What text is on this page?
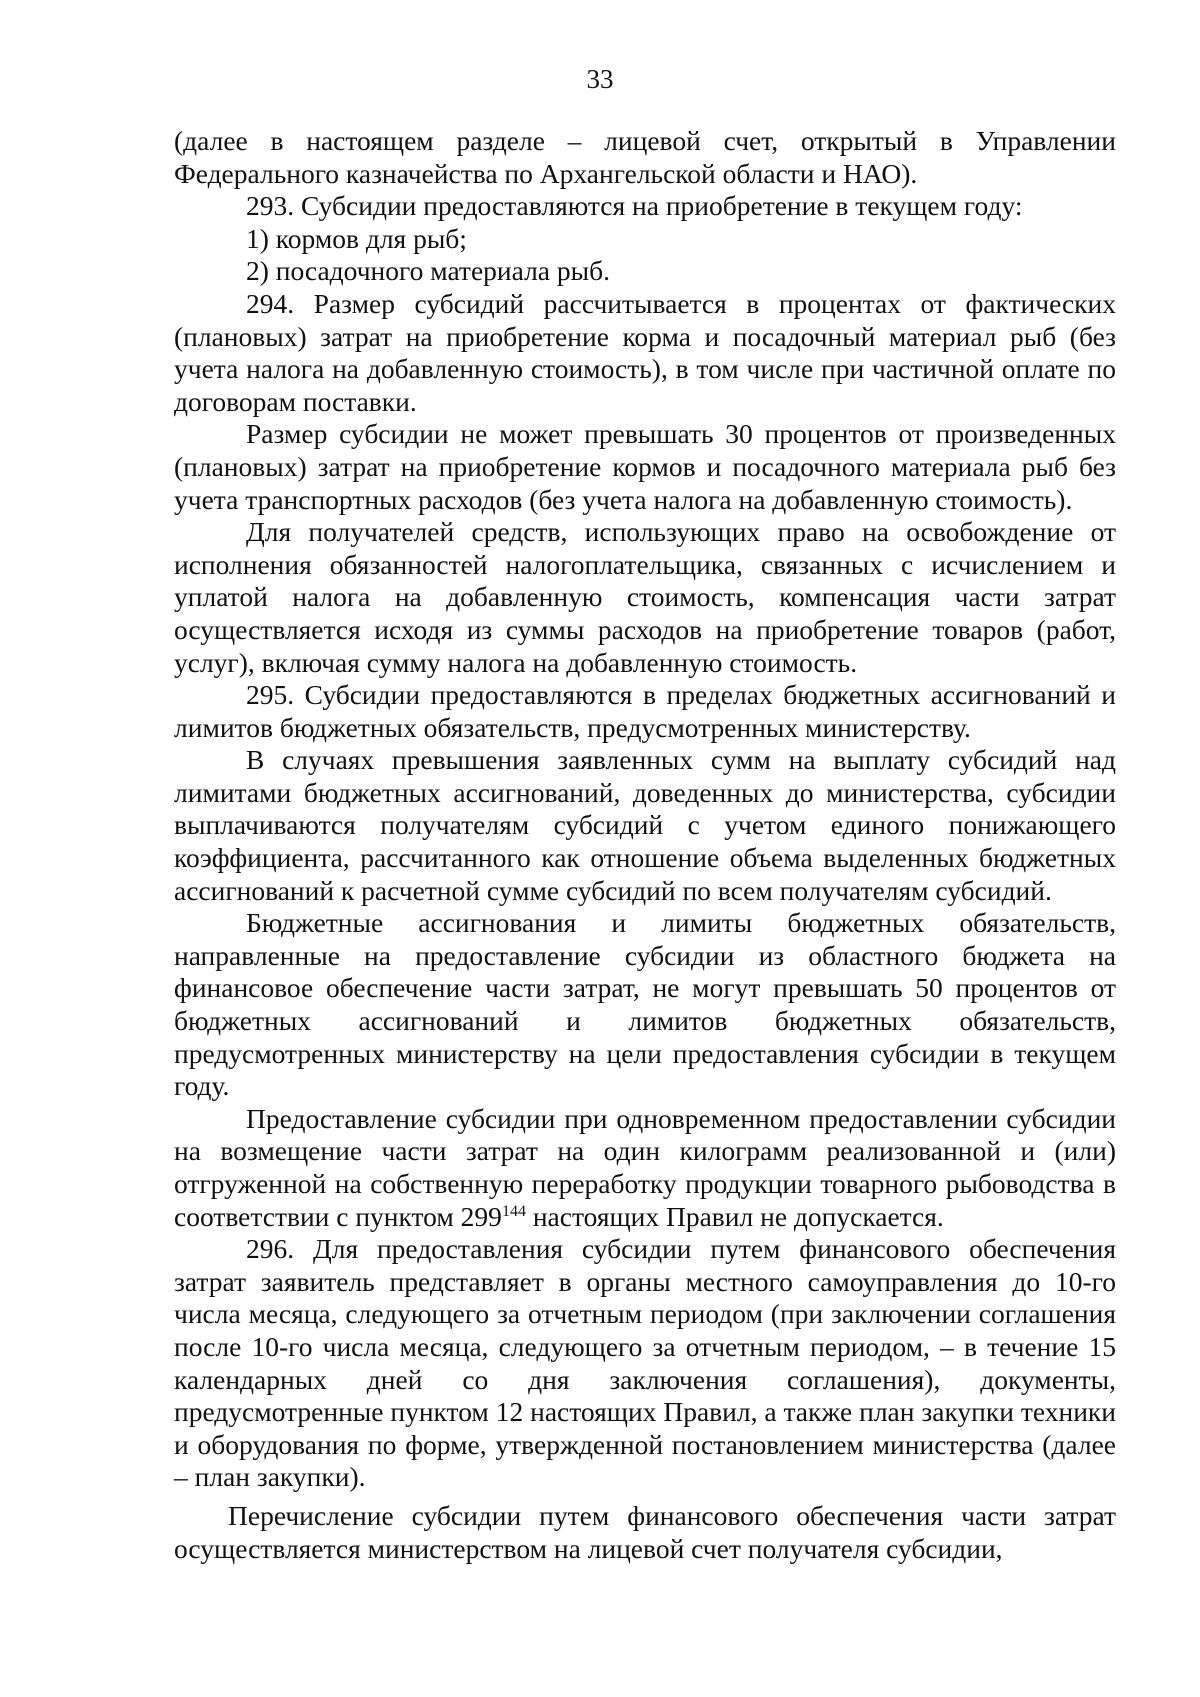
33

(далее в настоящем разделе – лицевой счет, открытый в Управлении Федерального казначейства по Архангельской области и НАО).

293. Субсидии предоставляются на приобретение в текущем году:

1) кормов для рыб;

2) посадочного материала рыб.

294. Размер субсидий рассчитывается в процентах от фактических (плановых) затрат на приобретение корма и посадочный материал рыб (без учета налога на добавленную стоимость), в том числе при частичной оплате по договорам поставки.

Размер субсидии не может превышать 30 процентов от произведенных (плановых) затрат на приобретение кормов и посадочного материала рыб без учета транспортных расходов (без учета налога на добавленную стоимость).

Для получателей средств, использующих право на освобождение от исполнения обязанностей налогоплательщика, связанных с исчислением и уплатой налога на добавленную стоимость, компенсация части затрат осуществляется исходя из суммы расходов на приобретение товаров (работ, услуг), включая сумму налога на добавленную стоимость.

295. Субсидии предоставляются в пределах бюджетных ассигнований и лимитов бюджетных обязательств, предусмотренных министерству.

В случаях превышения заявленных сумм на выплату субсидий над лимитами бюджетных ассигнований, доведенных до министерства, субсидии выплачиваются получателям субсидий с учетом единого понижающего коэффициента, рассчитанного как отношение объема выделенных бюджетных ассигнований к расчетной сумме субсидий по всем получателям субсидий.

Бюджетные ассигнования и лимиты бюджетных обязательств, направленные на предоставление субсидии из областного бюджета на финансовое обеспечение части затрат, не могут превышать 50 процентов от бюджетных ассигнований и лимитов бюджетных обязательств, предусмотренных министерству на цели предоставления субсидии в текущем году.

Предоставление субсидии при одновременном предоставлении субсидии на возмещение части затрат на один килограмм реализованной и (или) отгруженной на собственную переработку продукции товарного рыбоводства в соответствии с пунктом $299^{144}$ настоящих Правил не допускается.

296. Для предоставления субсидии путем финансового обеспечения затрат заявитель представляет в органы местного самоуправления до 10-го числа месяца, следующего за отчетным периодом (при заключении соглашения после 10-го числа месяца, следующего за отчетным периодом, – в течение 15 календарных дней со дня заключения соглашения), документы, предусмотренные пунктом 12 настоящих Правил, а также план закупки техники и оборудования по форме, утвержденной постановлением министерства (далее – план закупки).

Перечисление субсидии путем финансового обеспечения части затрат осуществляется министерством на лицевой счет получателя субсидии,
